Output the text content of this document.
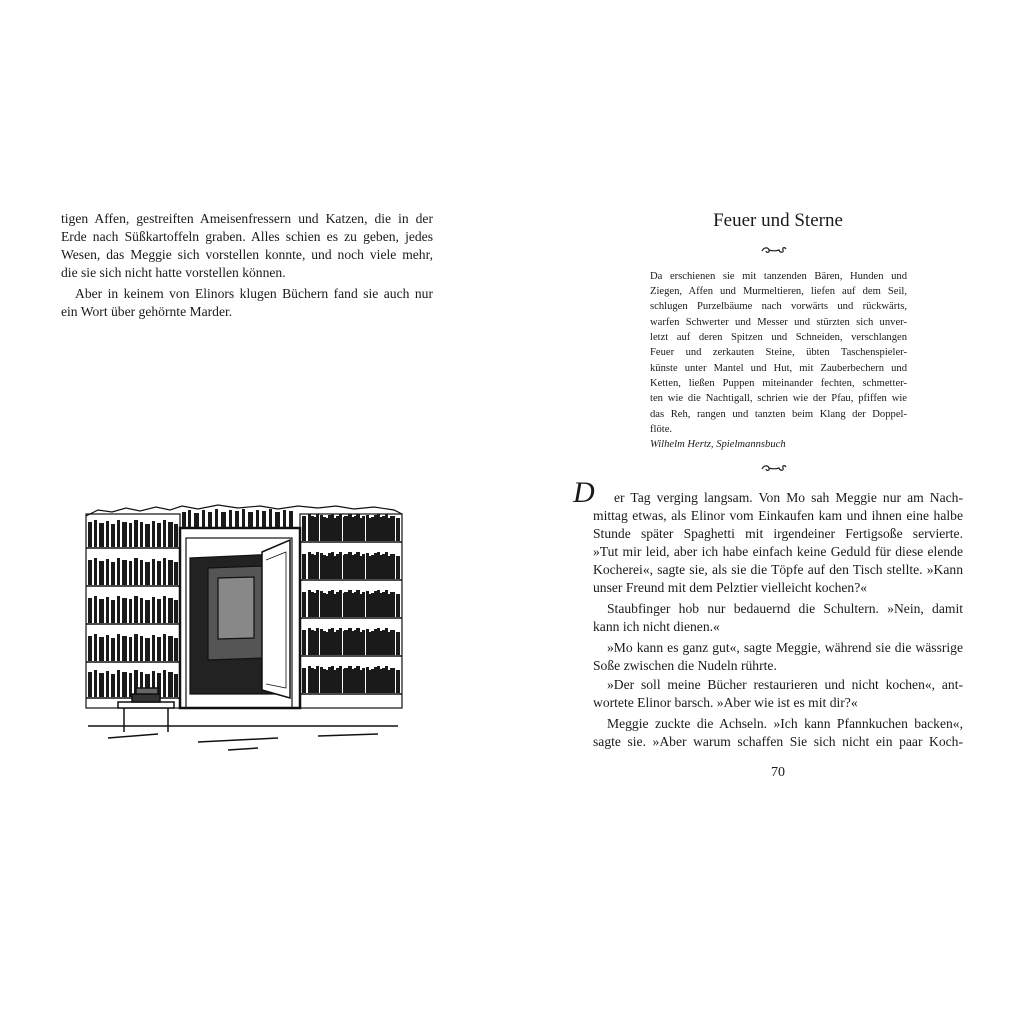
tigen Affen, gestreiften Ameisenfressern und Katzen, die in der

Erde nach Süßkartoffeln graben. Alles schien es zu geben, jedes

Wesen, das Meggie sich vorstellen konnte, und noch viele mehr,

die sie sich nicht hatte vorstellen können.

Aber in keinem von Elinors klugen Büchern fand sie auch nur

ein Wort über gehörnte Marder.

Feuer und Sterne

Da erschienen sie mit tanzenden Bären, Hunden und

Ziegen, Affen und Murmeltieren, liefen auf dem Seil,

schlugen Purzelbäume nach vorwärts und rückwärts,

warfen Schwerter und Messer und stürzten sich unver-

letzt auf deren Spitzen und Schneiden, verschlangen

Feuer und zerkauten Steine, übten Taschenspieler-

künste unter Mantel und Hut, mit Zauberbechern und

Ketten, ließen Puppen miteinander fechten, schmetter-

ten wie die Nachtigall, schrien wie der Pfau, pfiffen wie

das Reh, rangen und tanzten beim Klang der Doppel-

flöte.

Wilhelm Hertz, Spielmannsbuch

D er Tag verging langsam. Von Mo sah Meggie nur am Nach-

mittag etwas, als Elinor vom Einkaufen kam und ihnen eine halbe

Stunde später Spaghetti mit irgendeiner Fertigsoße servierte.

»Tut mir leid, aber ich habe einfach keine Geduld für diese elende

Kocherei«, sagte sie, als sie die Töpfe auf den Tisch stellte. »Kann

unser Freund mit dem Pelztier vielleicht kochen?«

Staubfinger hob nur bedauernd die Schultern. »Nein, damit

kann ich nicht dienen.«

»Mo kann es ganz gut«, sagte Meggie, während sie die wässrige

Soße zwischen die Nudeln rührte.

»Der soll meine Bücher restaurieren und nicht kochen«, ant-

wortete Elinor barsch. »Aber wie ist es mit dir?«

Meggie zuckte die Achseln. »Ich kann Pfannkuchen backen«,

sagte sie. »Aber warum schaffen Sie sich nicht ein paar Koch-

70
